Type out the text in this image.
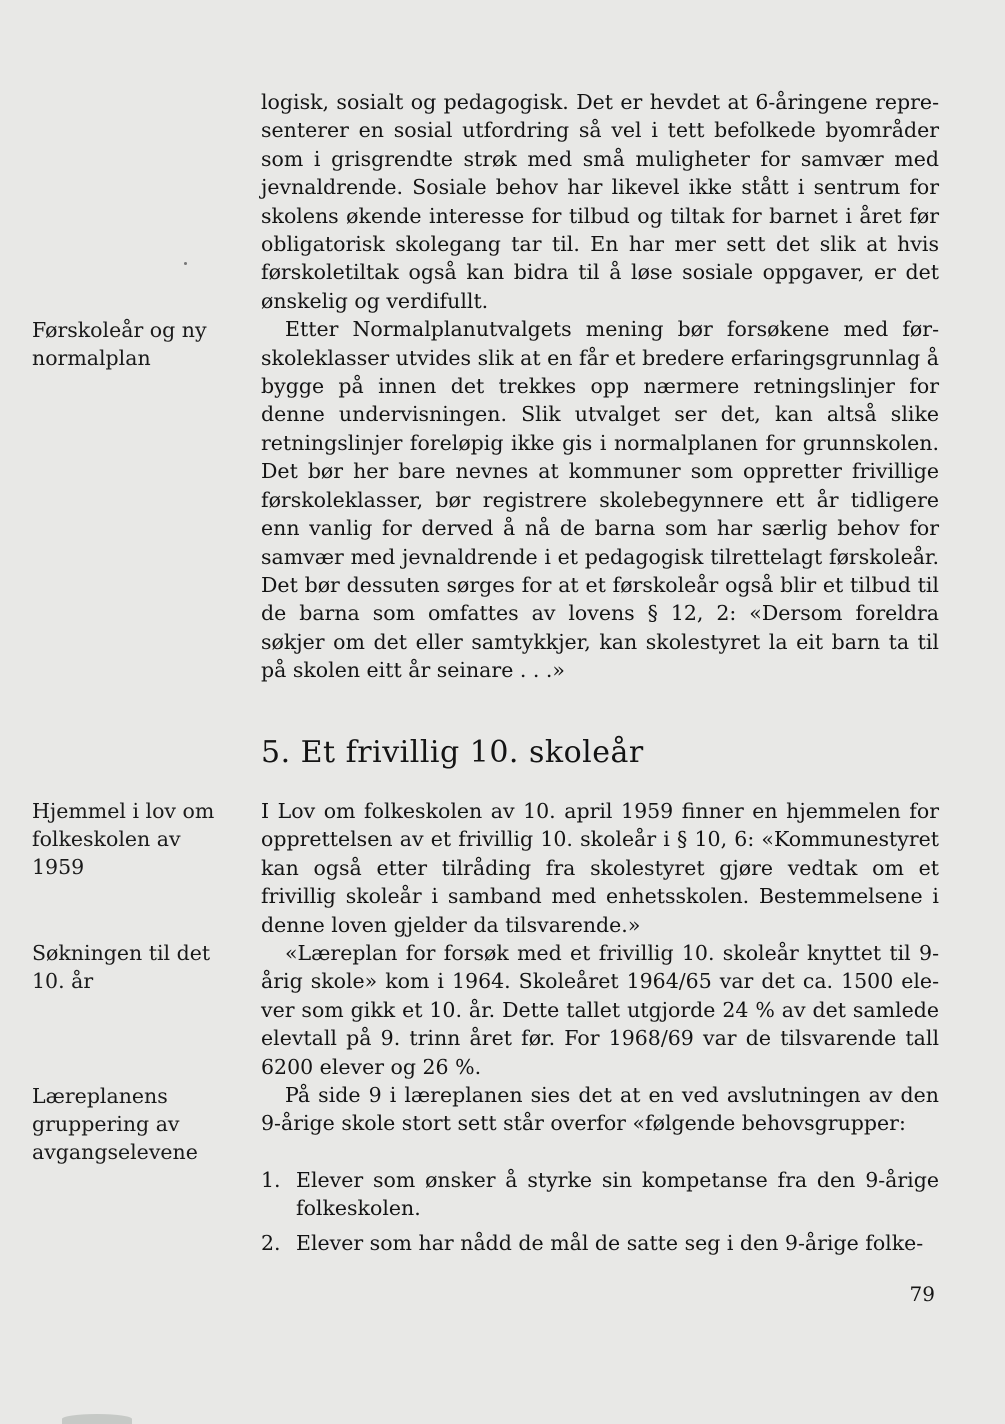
Førskoleår og ny normalplan
Hjemmel i lov om folkeskolen av 1959
Søkningen til det 10. år
Læreplanens gruppering av avgangselevene

logisk, sosialt og pedagogisk. Det er hevdet at 6-åringene representerer en sosial utfordring så vel i tett befolkede byområder som i grisgrendte strøk med små muligheter for samvær med jevnaldrende. Sosiale behov har likevel ikke stått i sentrum for skolens økende interesse for tilbud og tiltak for barnet i året før obligatorisk skolegang tar til. En har mer sett det slik at hvis førskoletiltak også kan bidra til å løse sosiale oppgaver, er det ønskelig og verdifullt.

Etter Normalplanutvalgets mening bør forsøkene med førskoleklasser utvides slik at en får et bredere erfaringsgrunnlag å bygge på innen det trekkes opp nærmere retningslinjer for denne undervisningen. Slik utvalget ser det, kan altså slike retningslinjer foreløpig ikke gis i normalplanen for grunnskolen. Det bør her bare nevnes at kommuner som oppretter frivillige førskoleklasser, bør registrere skolebegynnere ett år tidligere enn vanlig for derved å nå de barna som har særlig behov for samvær med jevnaldrende i et pedagogisk tilrettelagt førskoleår. Det bør dessuten sørges for at et førskoleår også blir et tilbud til de barna som omfattes av lovens § 12, 2: «Dersom foreldra søkjer om det eller samtykkjer, kan skolestyret la eit barn ta til på skolen eitt år seinare . . .»

5. Et frivillig 10. skoleår

I Lov om folkeskolen av 10. april 1959 finner en hjemmelen for opprettelsen av et frivillig 10. skoleår i § 10, 6: «Kommunestyret kan også etter tilråding fra skolestyret gjøre vedtak om et frivillig skoleår i samband med enhetsskolen. Bestemmelsene i denne loven gjelder da tilsvarende.»

«Læreplan for forsøk med et frivillig 10. skoleår knyttet til 9-årig skole» kom i 1964. Skoleåret 1964/65 var det ca. 1500 elever som gikk et 10. år. Dette tallet utgjorde 24 % av det samlede elevtall på 9. trinn året før. For 1968/69 var de tilsvarende tall 6200 elever og 26 %.

På side 9 i læreplanen sies det at en ved avslutningen av den 9-årige skole stort sett står overfor «følgende behovsgrupper:

1. Elever som ønsker å styrke sin kompetanse fra den 9-årige folkeskolen.
2. Elever som har nådd de mål de satte seg i den 9-årige folke-
79
